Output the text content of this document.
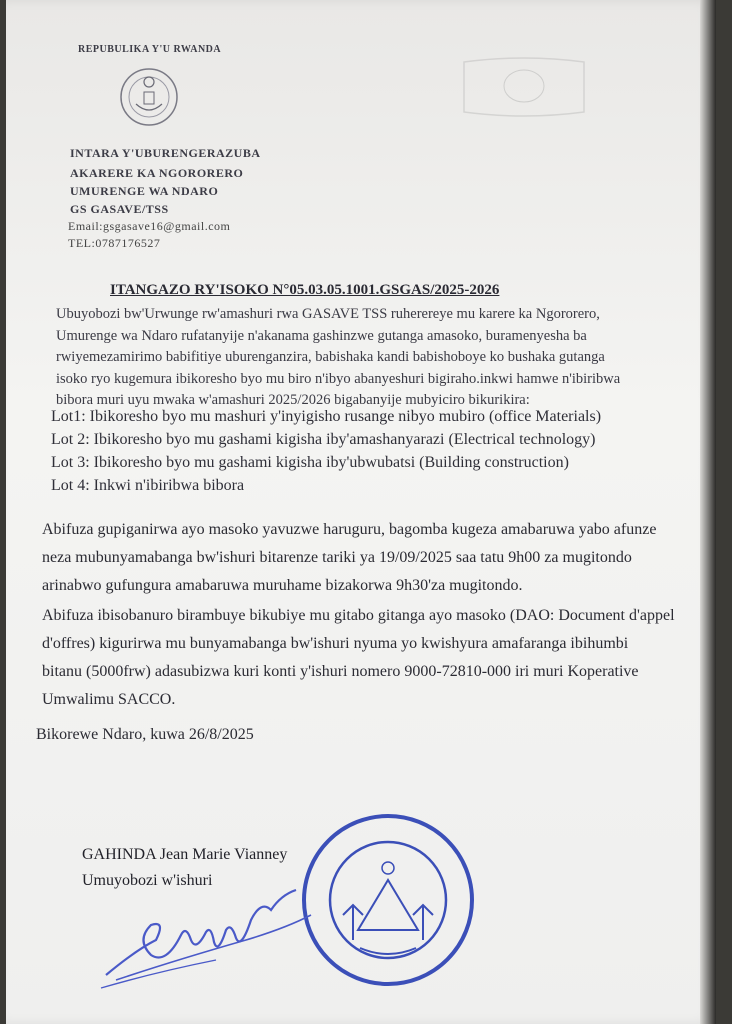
REPUBULIKA Y'U RWANDA
INTARA Y'UBURENGERAZUBA
AKARERE KA NGORORERO
UMURENGE WA NDARO
GS GASAVE/TSS
Email:gsgasave16@gmail.com
TEL:0787176527
ITANGAZO RY'ISOKO N°05.03.05.1001.GSGAS/2025-2026
Ubuyobozi bw'Urwunge rw'amashuri rwa GASAVE TSS ruherereye mu karere ka Ngororero,
Umurenge wa Ndaro rufatanyije n'akanama gashinzwe gutanga amasoko, buramenyesha ba
rwiyemezamirimo babifitiye uburenganzira, babishaka kandi babishoboye ko bushaka gutanga
isoko ryo kugemura ibikoresho byo mu biro n'ibyo abanyeshuri bigiraho.inkwi hamwe n'ibiribwa
bibora muri uyu mwaka w'amashuri 2025/2026 bigabanyije mubyiciro bikurikira:
Lot1: Ibikoresho byo mu mashuri y'inyigisho rusange nibyo mubiro (office Materials)
Lot 2: Ibikoresho byo mu gashami kigisha iby'amashanyarazi (Electrical technology)
Lot 3: Ibikoresho byo mu gashami kigisha iby'ubwubatsi (Building construction)
Lot 4: Inkwi n'ibiribwa bibora
Abifuza gupiganirwa ayo masoko yavuzwe haruguru, bagomba kugeza amabaruwa yabo afunze
neza mubunyamabanga bw'ishuri bitarenze tariki ya 19/09/2025 saa tatu 9h00 za mugitondo
arinabwo gufungura amabaruwa muruhame bizakorwa 9h30'za mugitondo.
Abifuza ibisobanuro birambuye bikubiye mu gitabo gitanga ayo masoko (DAO: Document d'appel
d'offres) kigurirwa mu bunyamabanga bw'ishuri nyuma yo kwishyura amafaranga ibihumbi
bitanu (5000frw) adasubizwa kuri konti y'ishuri nomero 9000-72810-000 iri muri Koperative
Umwalimu SACCO.
Bikorewe Ndaro, kuwa 26/8/2025
GAHINDA Jean Marie Vianney
Umuyobozi w'ishuri
